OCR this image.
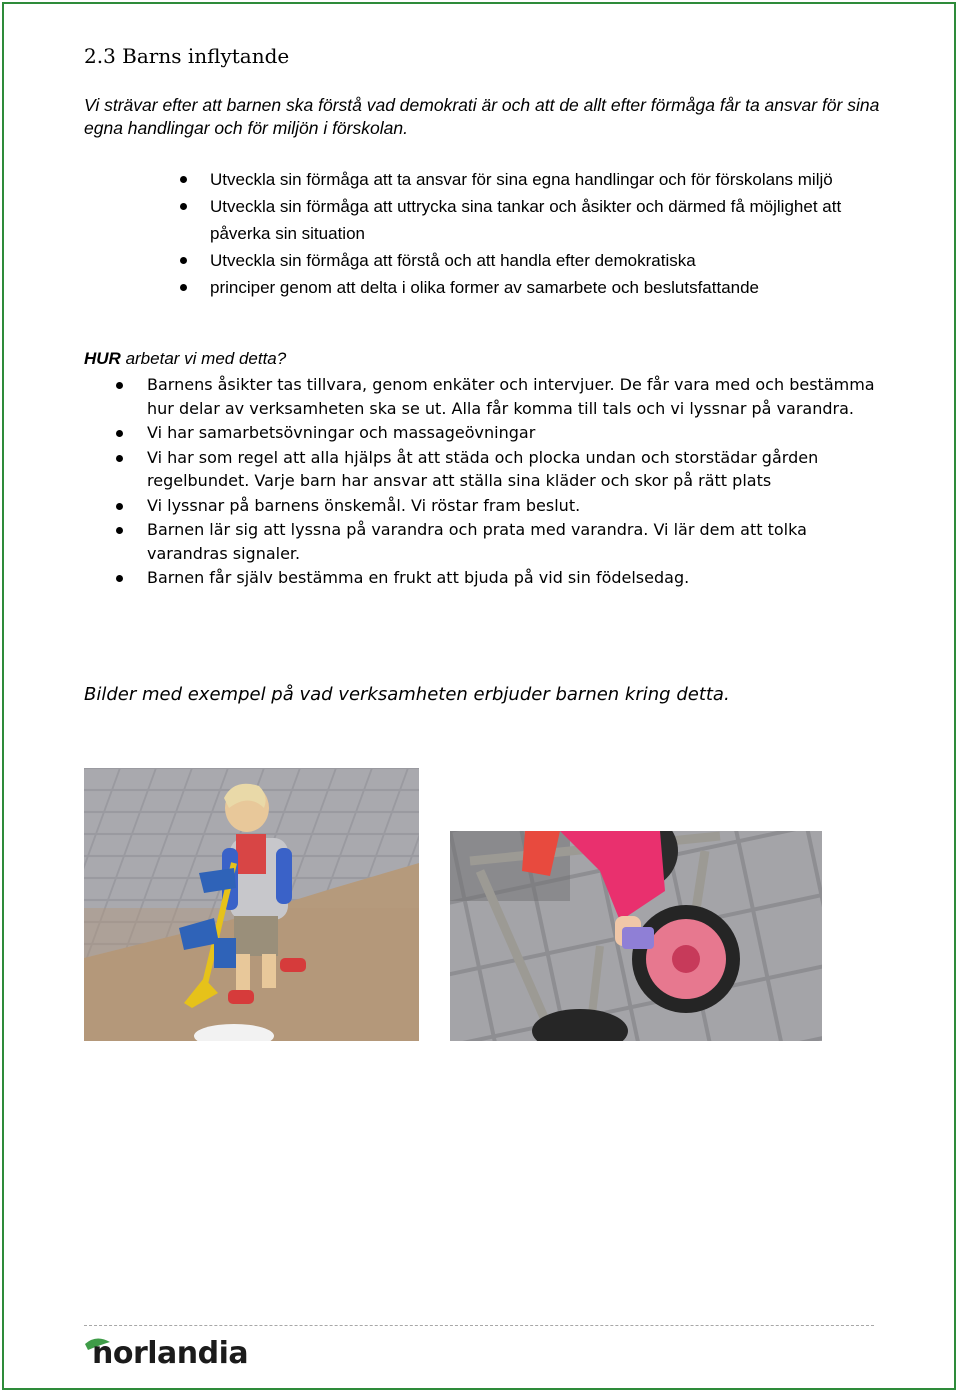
2.3 Barns inflytande

Vi strävar efter att barnen ska förstå vad demokrati är och att de allt efter förmåga får ta ansvar för sina egna handlingar och för miljön i förskolan.

Utveckla sin förmåga att ta ansvar för sina egna handlingar och för förskolans miljö
Utveckla sin förmåga att uttrycka sina tankar och åsikter och därmed få möjlighet att påverka sin situation
Utveckla sin förmåga att förstå och att handla efter demokratiska
principer genom att delta i olika former av samarbete och beslutsfattande

HUR arbetar vi med detta?

Barnens åsikter tas tillvara, genom enkäter och intervjuer. De får vara med och bestämma hur delar av verksamheten ska se ut. Alla får komma till tals och vi lyssnar på varandra.
Vi har samarbetsövningar och massageövningar
Vi har som regel att alla hjälps åt att städa och plocka undan och storstädar gården regelbundet. Varje barn har ansvar att ställa sina kläder och skor på rätt plats
Vi lyssnar på barnens önskemål. Vi röstar fram beslut.
Barnen lär sig att lyssna på varandra och prata med varandra. Vi lär dem att tolka varandras signaler.
Barnen får själv bestämma en frukt att bjuda på vid sin födelsedag.

Bilder med exempel på vad verksamheten erbjuder barnen kring detta.

norlandia
